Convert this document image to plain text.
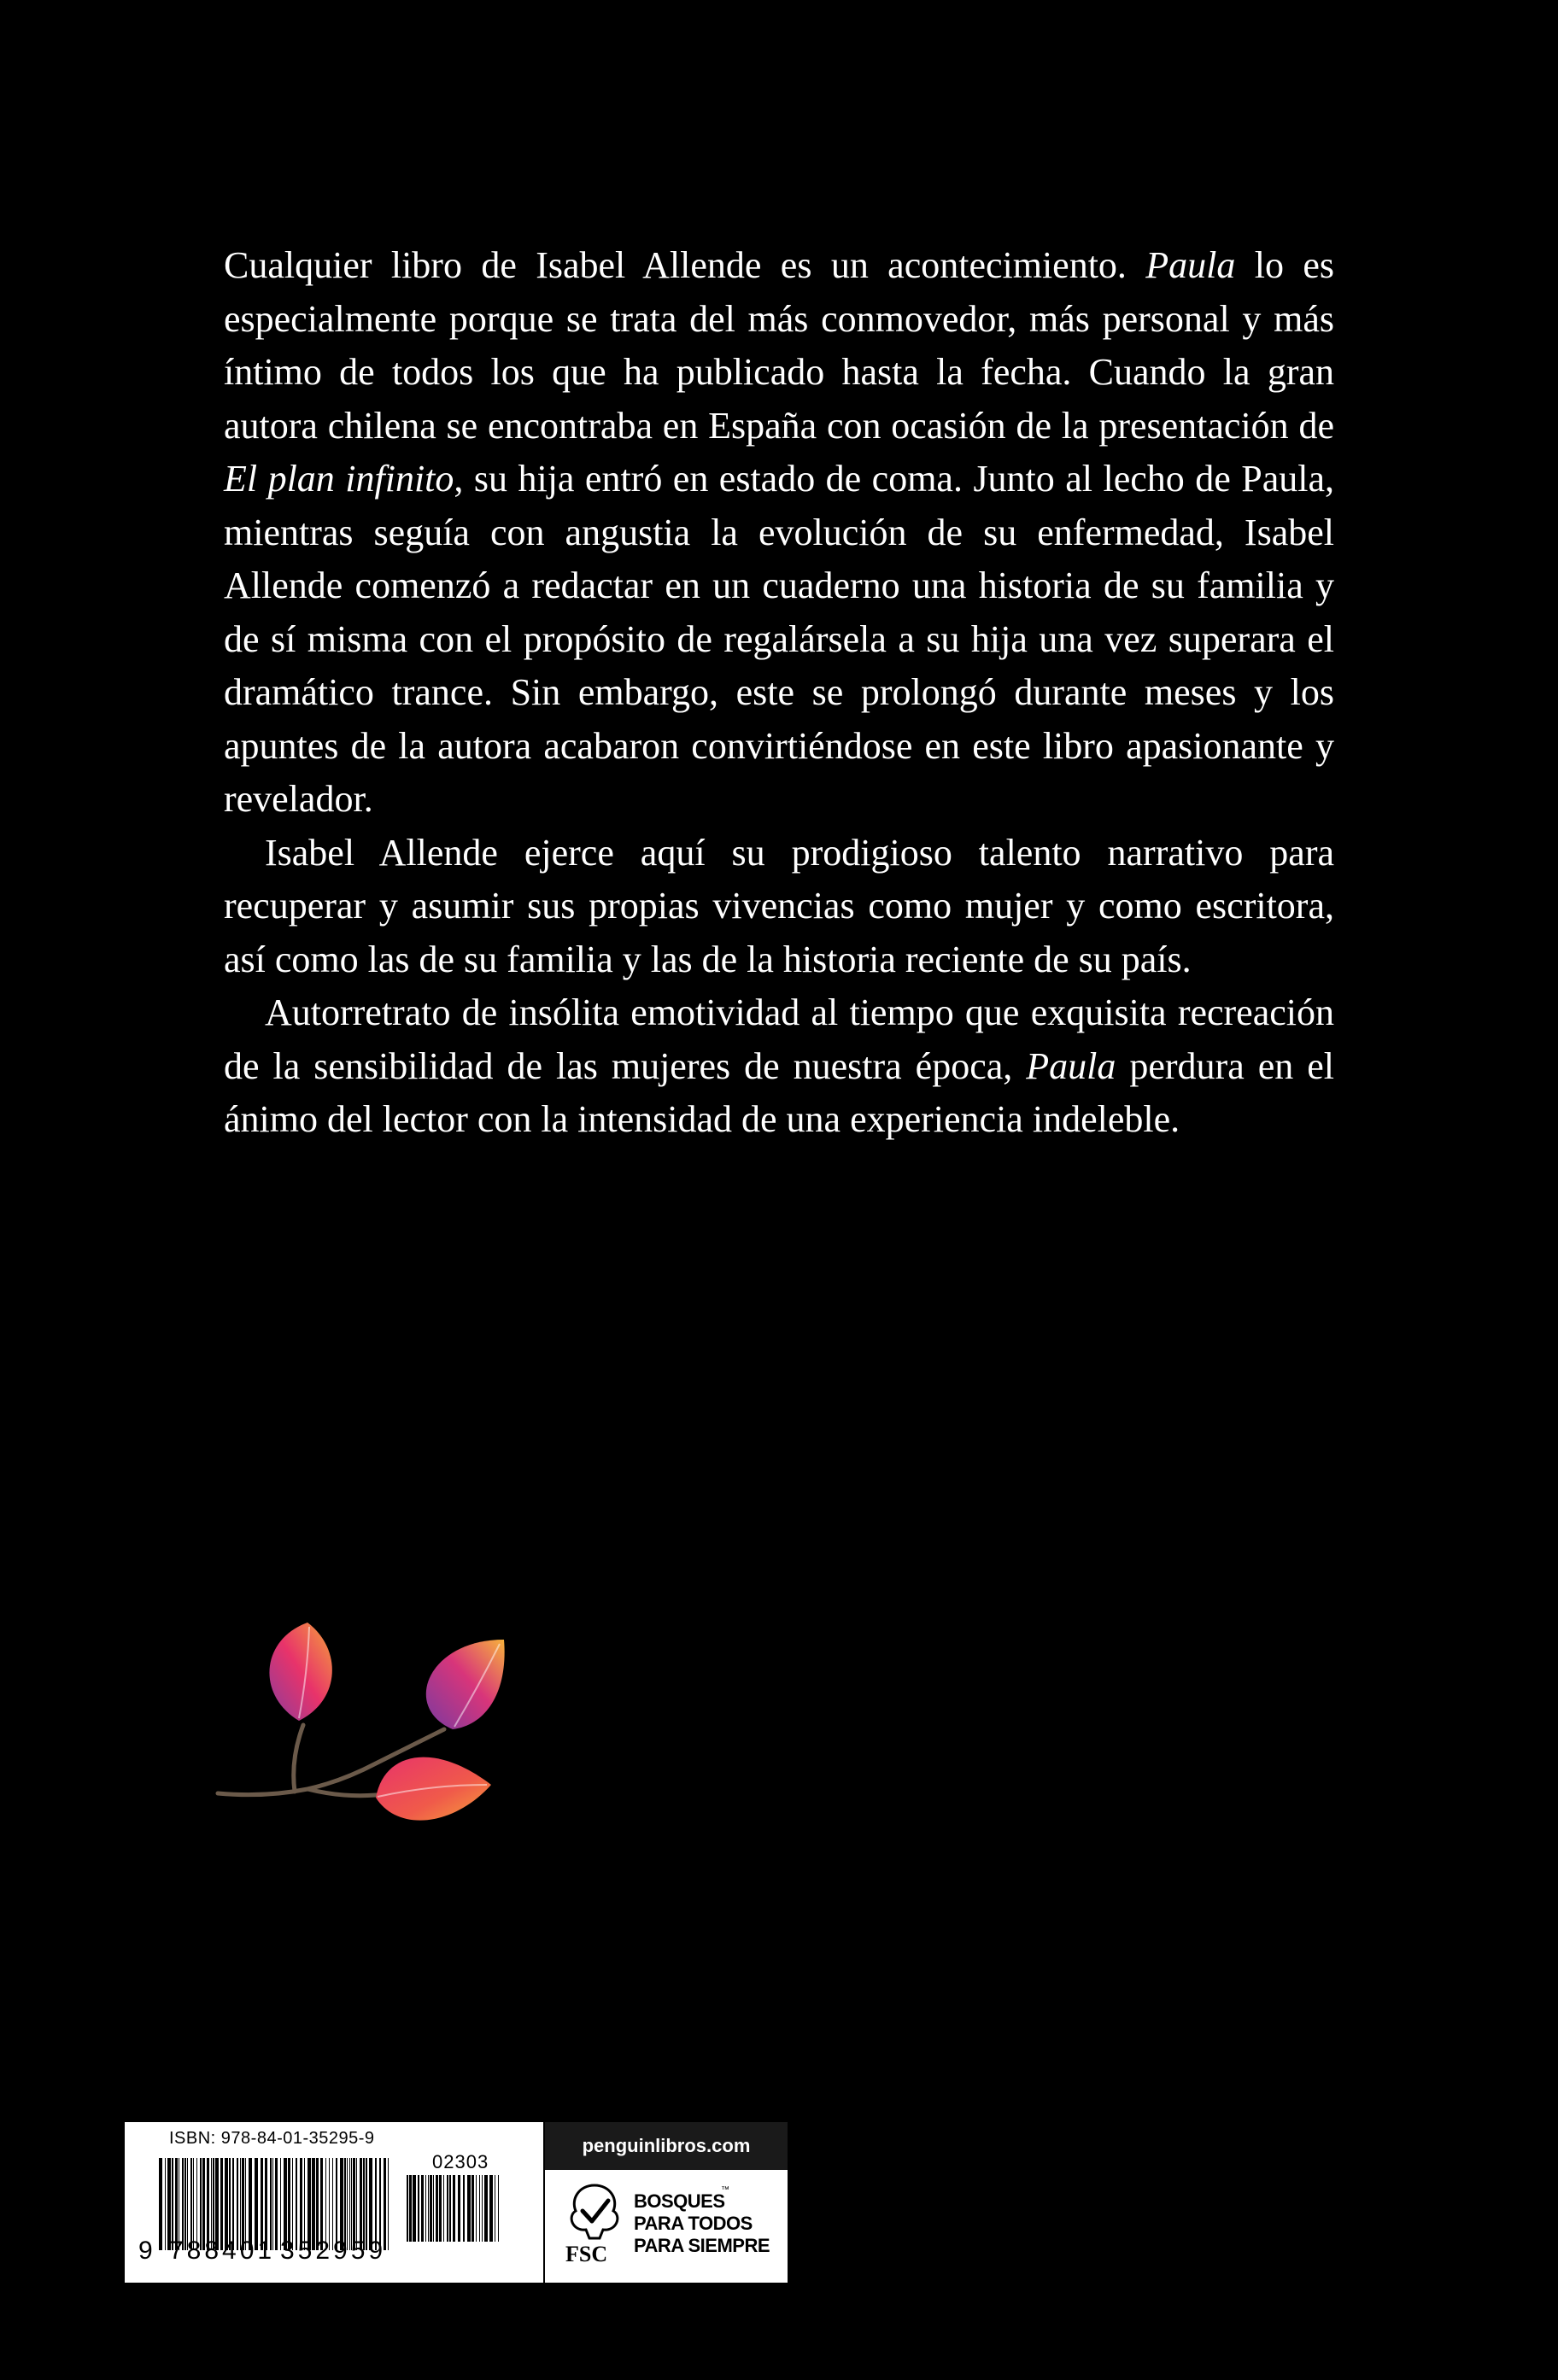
Cualquier libro de Isabel Allende es un acontecimiento. Paula lo es especialmente porque se trata del más conmovedor, más personal y más íntimo de todos los que ha publicado hasta la fecha. Cuando la gran autora chilena se encontraba en España con ocasión de la presentación de El plan infinito, su hija entró en estado de coma. Junto al lecho de Paula, mientras seguía con angustia la evolución de su enfermedad, Isabel Allende comenzó a redactar en un cuaderno una historia de su familia y de sí misma con el propósito de regalársela a su hija una vez superara el dramático trance. Sin embargo, este se prolongó durante meses y los apuntes de la autora acabaron convirtiéndose en este libro apasionante y revelador.

Isabel Allende ejerce aquí su prodigioso talento narrativo para recuperar y asumir sus propias vivencias como mujer y como escritora, así como las de su familia y las de la historia reciente de su país.

Autorretrato de insólita emotividad al tiempo que exquisita recreación de la sensibilidad de las mujeres de nuestra época, Paula perdura en el ánimo del lector con la intensidad de una experiencia indeleble.

ISBN: 978-84-01-35295-9
02303
9 788401 352959
penguinlibros.com
FSC
BOSQUES
PARA TODOS
PARA SIEMPRE
™
